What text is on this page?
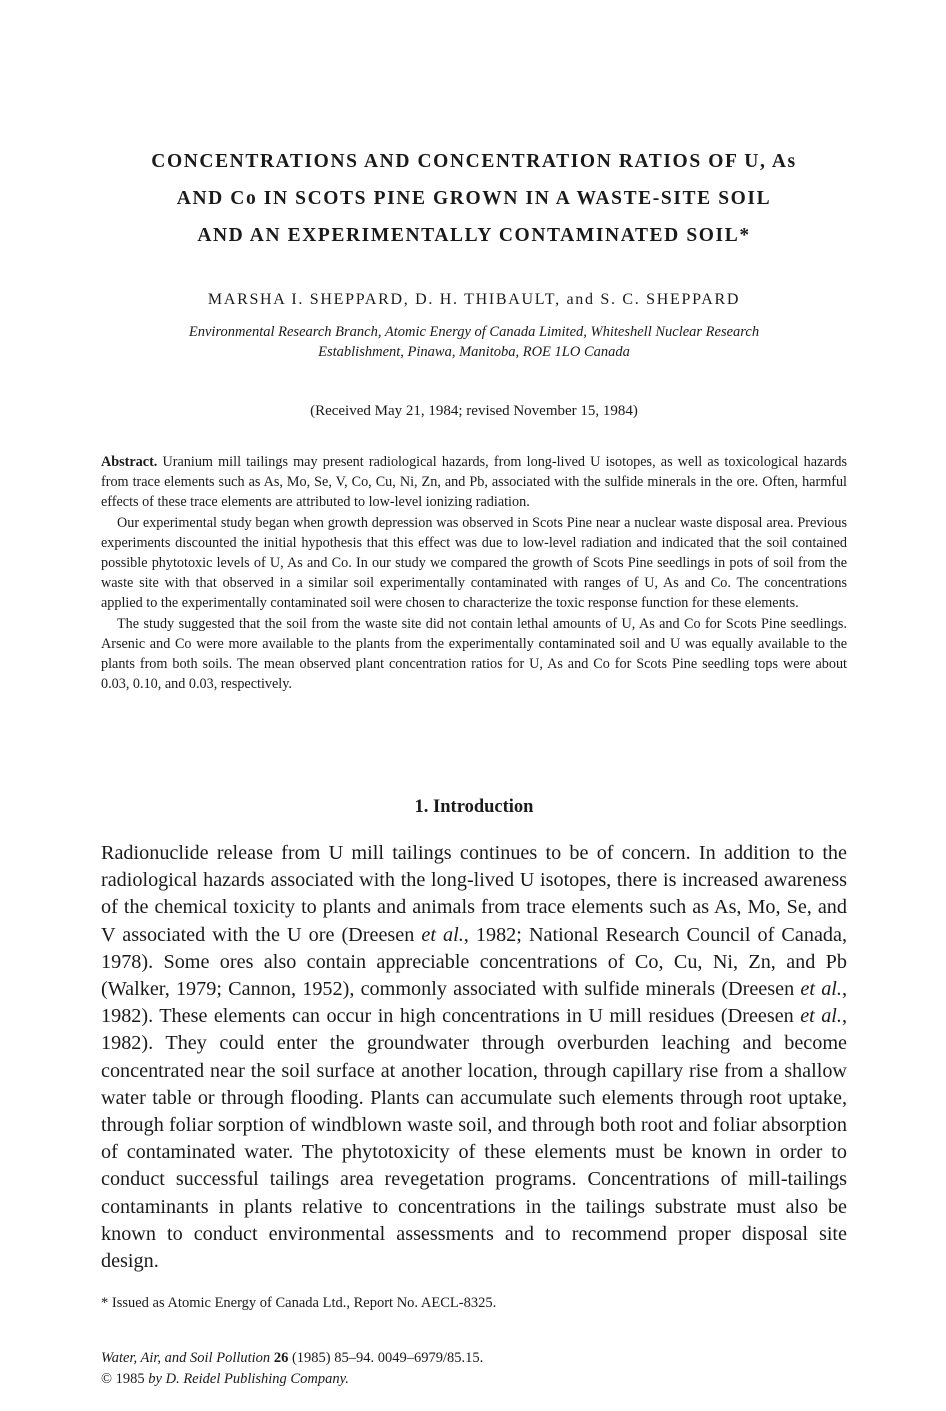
CONCENTRATIONS AND CONCENTRATION RATIOS OF U, As
AND Co IN SCOTS PINE GROWN IN A WASTE-SITE SOIL
AND AN EXPERIMENTALLY CONTAMINATED SOIL*
MARSHA I. SHEPPARD, D. H. THIBAULT, and S. C. SHEPPARD
Environmental Research Branch, Atomic Energy of Canada Limited, Whiteshell Nuclear Research
Establishment, Pinawa, Manitoba, ROE 1LO Canada
(Received May 21, 1984; revised November 15, 1984)

Abstract. Uranium mill tailings may present radiological hazards, from long-lived U isotopes, as well as toxicological hazards from trace elements such as As, Mo, Se, V, Co, Cu, Ni, Zn, and Pb, associated with the sulfide minerals in the ore. Often, harmful effects of these trace elements are attributed to low-level ionizing radiation.

Our experimental study began when growth depression was observed in Scots Pine near a nuclear waste disposal area. Previous experiments discounted the initial hypothesis that this effect was due to low-level radiation and indicated that the soil contained possible phytotoxic levels of U, As and Co. In our study we compared the growth of Scots Pine seedlings in pots of soil from the waste site with that observed in a similar soil experimentally contaminated with ranges of U, As and Co. The concentrations applied to the experimentally contaminated soil were chosen to characterize the toxic response function for these elements.

The study suggested that the soil from the waste site did not contain lethal amounts of U, As and Co for Scots Pine seedlings. Arsenic and Co were more available to the plants from the experimentally contaminated soil and U was equally available to the plants from both soils. The mean observed plant concentration ratios for U, As and Co for Scots Pine seedling tops were about 0.03, 0.10, and 0.03, respectively.

1. Introduction

Radionuclide release from U mill tailings continues to be of concern. In addition to the radiological hazards associated with the long-lived U isotopes, there is increased awareness of the chemical toxicity to plants and animals from trace elements such as As, Mo, Se, and V associated with the U ore (Dreesen et al., 1982; National Research Council of Canada, 1978). Some ores also contain appreciable concentrations of Co, Cu, Ni, Zn, and Pb (Walker, 1979; Cannon, 1952), commonly associated with sulfide minerals (Dreesen et al., 1982). These elements can occur in high concentrations in U mill residues (Dreesen et al., 1982). They could enter the groundwater through overburden leaching and become concentrated near the soil surface at another location, through capillary rise from a shallow water table or through flooding. Plants can accumulate such elements through root uptake, through foliar sorption of windblown waste soil, and through both root and foliar absorption of contaminated water. The phytotoxicity of these elements must be known in order to conduct successful tailings area revegetation programs. Concentrations of mill-tailings contaminants in plants relative to concentrations in the tailings substrate must also be known to conduct environmental assessments and to recommend proper disposal site design.

* Issued as Atomic Energy of Canada Ltd., Report No. AECL-8325.
Water, Air, and Soil Pollution 26 (1985) 85–94. 0049–6979/85.15.
© 1985 by D. Reidel Publishing Company.
